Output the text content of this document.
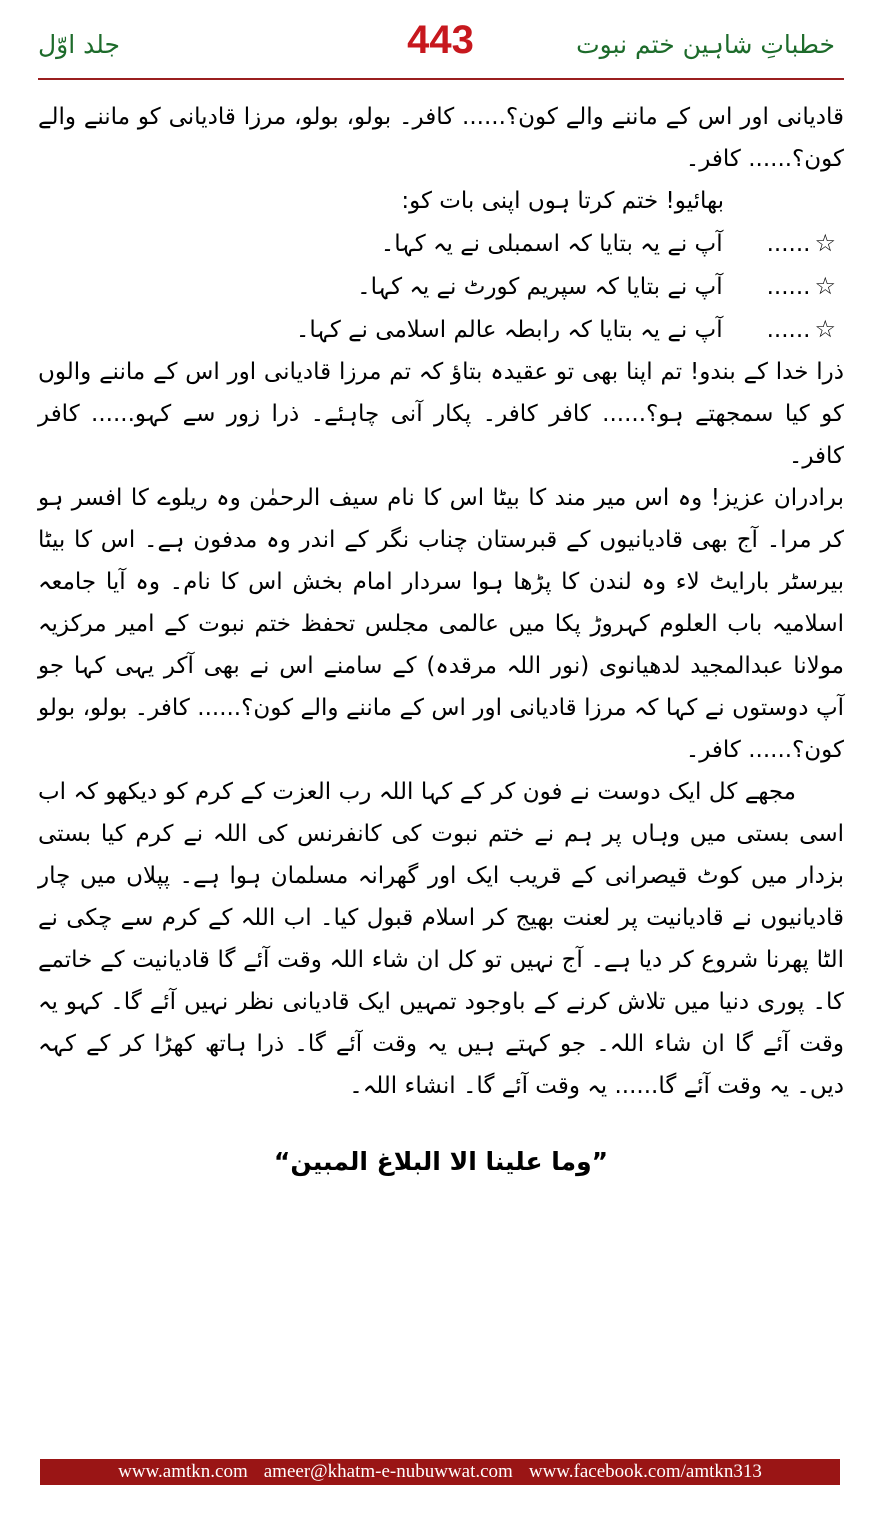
خطباتِ شاہین ختم نبوت
443
جلد اوّل

قادیانی اور اس کے ماننے والے کون؟...... کافر۔ بولو، بولو، مرزا قادیانی کو ماننے والے کون؟...... کافر۔

بھائیو! ختم کرتا ہوں اپنی بات کو:

☆......آپ نے یہ بتایا کہ اسمبلی نے یہ کہا۔

☆......آپ نے بتایا کہ سپریم کورٹ نے یہ کہا۔

☆......آپ نے یہ بتایا کہ رابطہ عالم اسلامی نے کہا۔

ذرا خدا کے بندو! تم اپنا بھی تو عقیدہ بتاؤ کہ تم مرزا قادیانی اور اس کے ماننے والوں کو کیا سمجھتے ہو؟...... کافر کافر۔ پکار آنی چاہئے۔ ذرا زور سے کہو...... کافر کافر۔

برادران عزیز! وہ اس میر مند کا بیٹا اس کا نام سیف الرحمٰن وہ ریلوے کا افسر ہو کر مرا۔ آج بھی قادیانیوں کے قبرستان چناب نگر کے اندر وہ مدفون ہے۔ اس کا بیٹا بیرسٹر بارایٹ لاء وہ لندن کا پڑھا ہوا سردار امام بخش اس کا نام۔ وہ آیا جامعہ اسلامیہ باب العلوم کہروڑ پکا میں عالمی مجلس تحفظ ختم نبوت کے امیر مرکزیہ مولانا عبدالمجید لدھیانوی (نور اللہ مرقدہ) کے سامنے اس نے بھی آکر یہی کہا جو آپ دوستوں نے کہا کہ مرزا قادیانی اور اس کے ماننے والے کون؟...... کافر۔ بولو، بولو کون؟...... کافر۔

مجھے کل ایک دوست نے فون کر کے کہا اللہ رب العزت کے کرم کو دیکھو کہ اب اسی بستی میں وہاں پر ہم نے ختم نبوت کی کانفرنس کی اللہ نے کرم کیا بستی بزدار میں کوٹ قیصرانی کے قریب ایک اور گھرانہ مسلمان ہوا ہے۔ پپلاں میں چار قادیانیوں نے قادیانیت پر لعنت بھیج کر اسلام قبول کیا۔ اب اللہ کے کرم سے چکی نے الٹا پھرنا شروع کر دیا ہے۔ آج نہیں تو کل ان شاء اللہ وقت آئے گا قادیانیت کے خاتمے کا۔ پوری دنیا میں تلاش کرنے کے باوجود تمہیں ایک قادیانی نظر نہیں آئے گا۔ کہو یہ وقت آئے گا ان شاء اللہ۔ جو کہتے ہیں یہ وقت آئے گا۔ ذرا ہاتھ کھڑا کر کے کہہ دیں۔ یہ وقت آئے گا...... یہ وقت آئے گا۔ انشاء اللہ۔

”وما علینا الا البلاغ المبین“

www.amtkn.com ameer@khatm-e-nubuwwat.com www.facebook.com/amtkn313
